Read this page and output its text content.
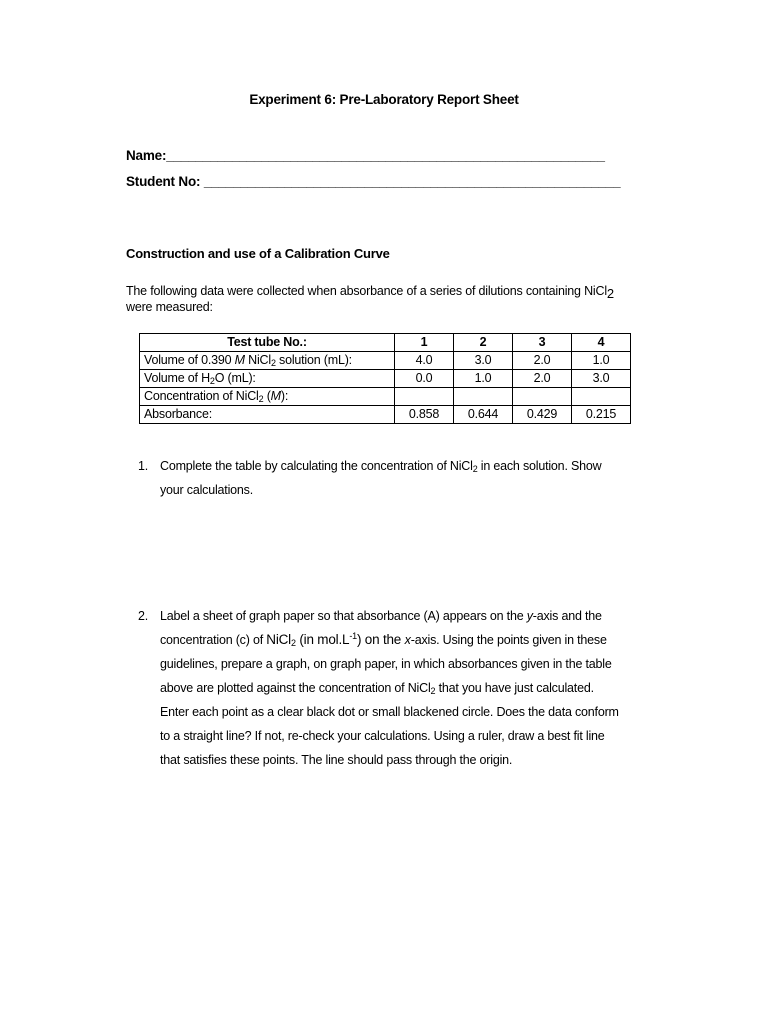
Experiment 6: Pre-Laboratory Report Sheet
Name:____________________________________________________________
Student No: _________________________________________________________
Construction and use of a Calibration Curve
The following data were collected when absorbance of a series of dilutions containing NiCl2
were measured:
Test tube No.:	1	2	3	4
Volume of 0.390 M NiCl$_2$ solution (mL):	4.0	3.0	2.0	1.0
Volume of $H_2O$ (mL):	0.0	1.0	2.0	3.0
Concentration of NiCl$_2$ (M):				
Absorbance:	0.858	0.644	0.429	0.215
1. Complete the table by calculating the concentration of NiCl$_2$ in each solution. Show
your calculations.
2. Label a sheet of graph paper so that absorbance (A) appears on the y-axis and the
concentration (c) of NiCl$_2$ (in $mol.L^{-1}$) on the x-axis. Using the points given in these
guidelines, prepare a graph, on graph paper, in which absorbances given in the table
above are plotted against the concentration of NiCl$_2$ that you have just calculated.
Enter each point as a clear black dot or small blackened circle. Does the data conform
to a straight line? If not, re-check your calculations. Using a ruler, draw a best fit line
that satisfies these points. The line should pass through the origin.
